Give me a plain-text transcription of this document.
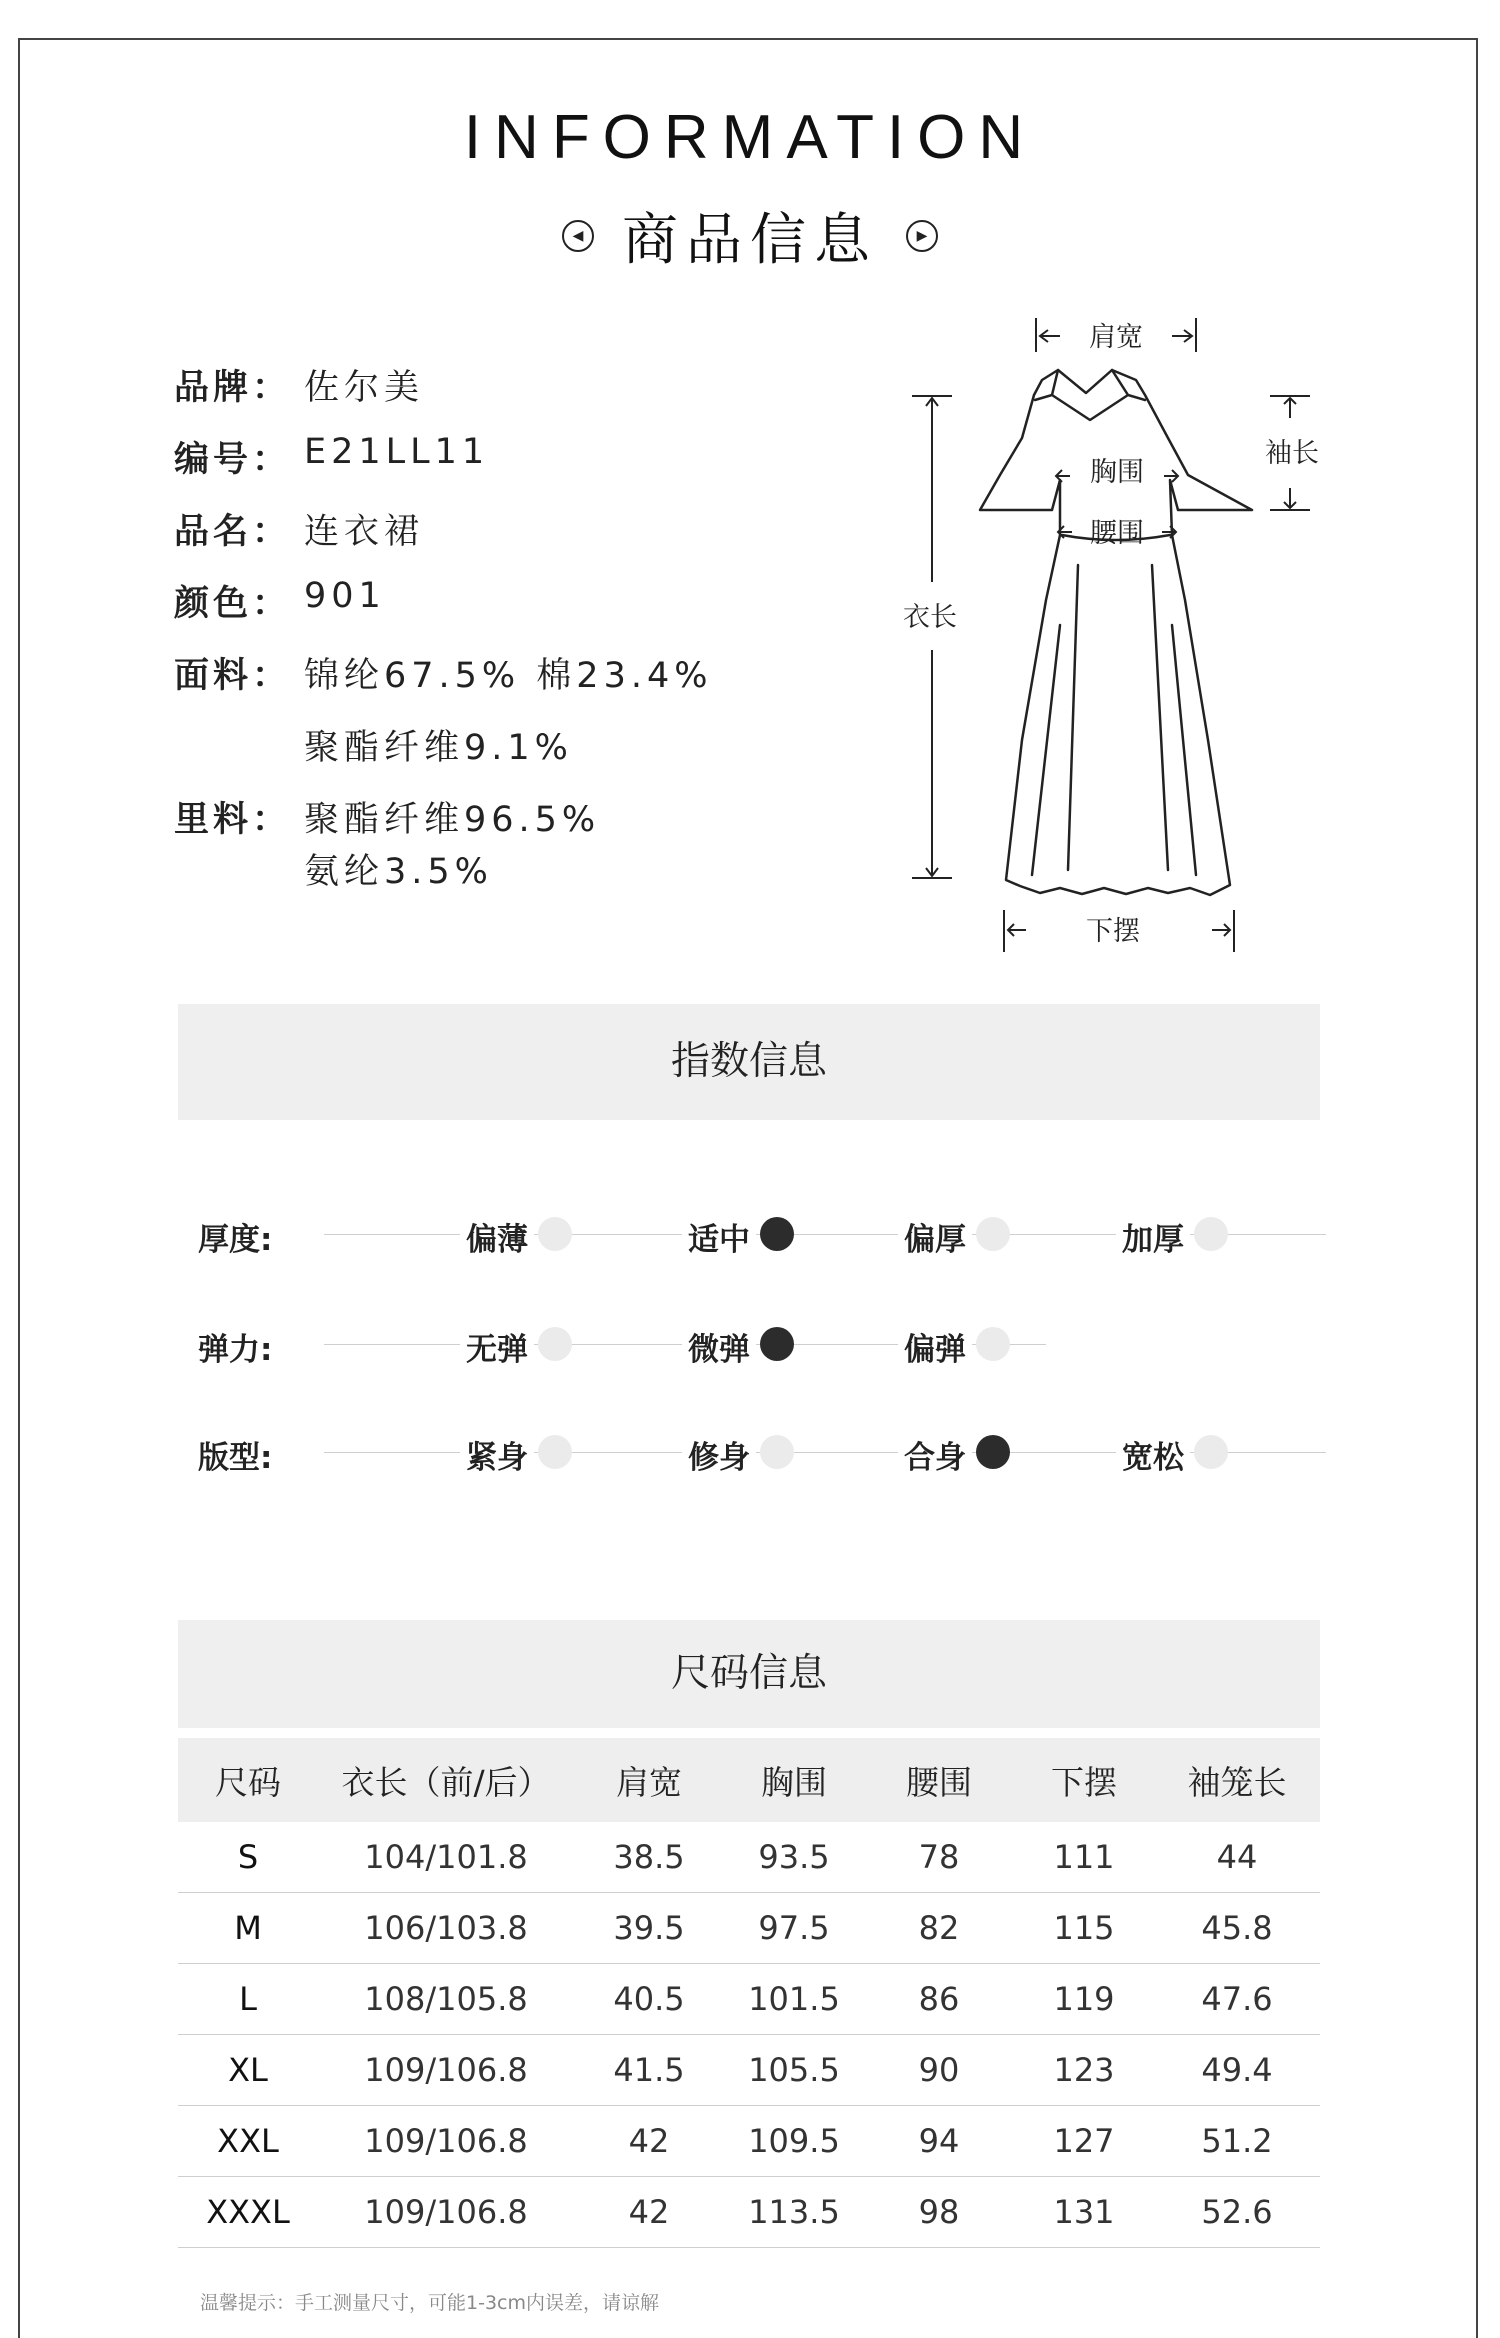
INFORMATION
◀ 商品信息	▶
品牌： 佐尔美
编号： E21LL11
品名： 连衣裙
颜色： 901
面料： 锦纶67.5% 棉23.4%
聚酯纤维9.1%
里料： 聚酯纤维96.5%
氨纶3.5%
肩宽
袖长
胸围
腰围
衣长
下摆
指数信息
厚度:	偏薄	适中	偏厚	加厚
弹力:	无弹	微弹	偏弹
版型:	紧身	修身	合身	宽松
尺码信息
尺码	衣长（前/后）	肩宽	胸围	腰围	下摆	袖笼长
S	104/101.8	38.5	93.5	78	111	44
M	106/103.8	39.5	97.5	82	115	45.8
L	108/105.8	40.5	101.5	86	119	47.6
XL	109/106.8	41.5	105.5	90	123	49.4
XXL	109/106.8	42	109.5	94	127	51.2
XXXL	109/106.8	42	113.5	98	131	52.6
温馨提示：手工测量尺寸，可能1-3cm内误差，请谅解
